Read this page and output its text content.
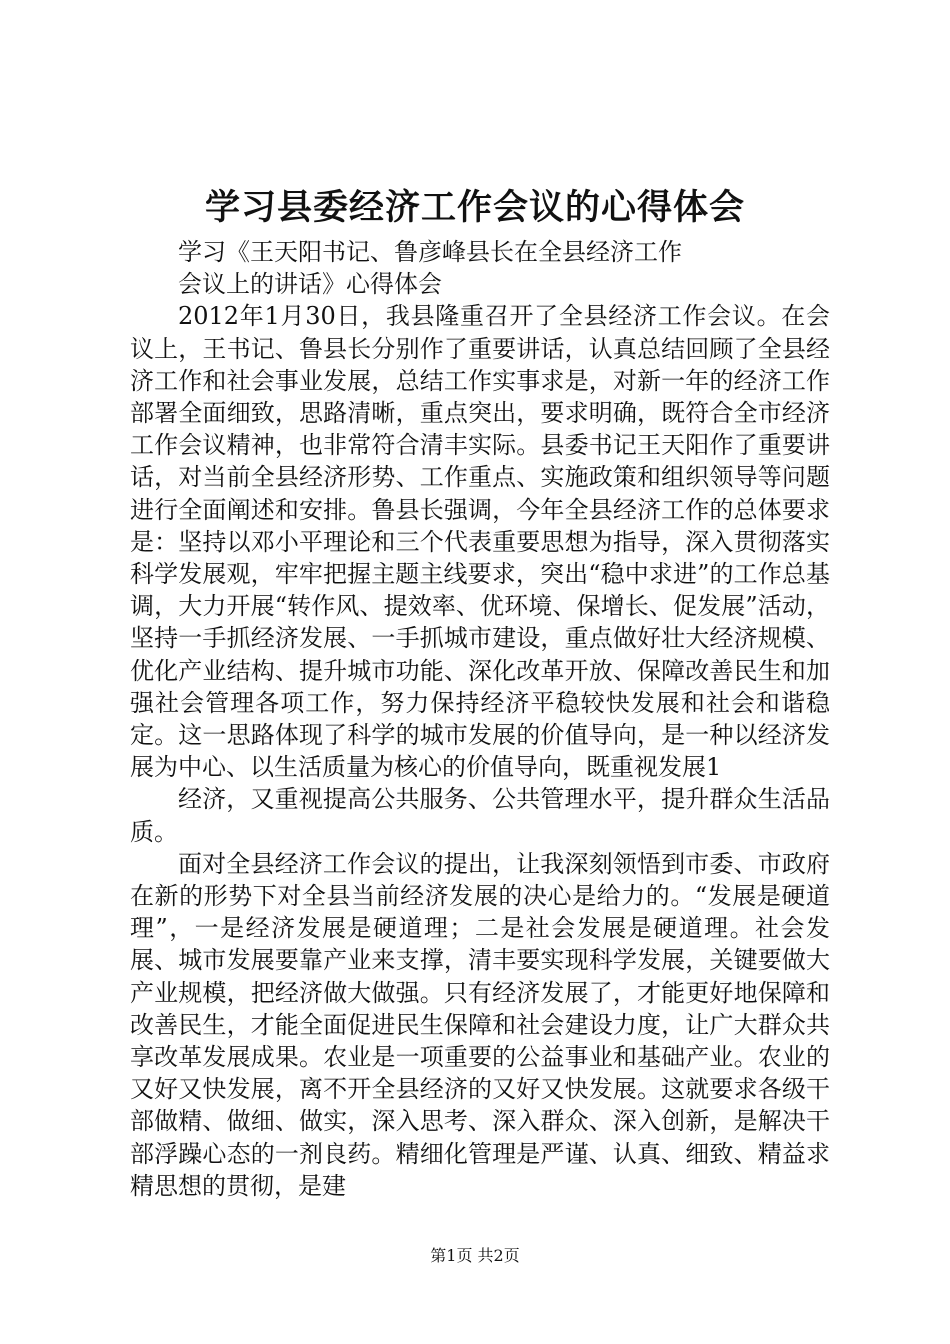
学习县委经济工作会议的心得体会

学习《王天阳书记、鲁彦峰县长在全县经济工作

会议上的讲话》心得体会

2012年1月30日，我县隆重召开了全县经济工作会议。在会议上，王书记、鲁县长分别作了重要讲话，认真总结回顾了全县经济工作和社会事业发展，总结工作实事求是，对新一年的经济工作部署全面细致，思路清晰，重点突出，要求明确，既符合全市经济工作会议精神，也非常符合清丰实际。县委书记王天阳作了重要讲话，对当前全县经济形势、工作重点、实施政策和组织领导等问题进行全面阐述和安排。鲁县长强调，今年全县经济工作的总体要求是：坚持以邓小平理论和三个代表重要思想为指导，深入贯彻落实科学发展观，牢牢把握主题主线要求，突出“稳中求进”的工作总基调，大力开展“转作风、提效率、优环境、保增长、促发展”活动，坚持一手抓经济发展、一手抓城市建设，重点做好壮大经济规模、优化产业结构、提升城市功能、深化改革开放、保障改善民生和加强社会管理各项工作，努力保持经济平稳较快发展和社会和谐稳定。这一思路体现了科学的城市发展的价值导向，是一种以经济发展为中心、以生活质量为核心的价值导向，既重视发展1

经济，又重视提高公共服务、公共管理水平，提升群众生活品质。

面对全县经济工作会议的提出，让我深刻领悟到市委、市政府在新的形势下对全县当前经济发展的决心是给力的。“发展是硬道理”，一是经济发展是硬道理；二是社会发展是硬道理。社会发展、城市发展要靠产业来支撑，清丰要实现科学发展，关键要做大产业规模，把经济做大做强。只有经济发展了，才能更好地保障和改善民生，才能全面促进民生保障和社会建设力度，让广大群众共享改革发展成果。农业是一项重要的公益事业和基础产业。农业的又好又快发展，离不开全县经济的又好又快发展。这就要求各级干部做精、做细、做实，深入思考、深入群众、深入创新，是解决干部浮躁心态的一剂良药。精细化管理是严谨、认真、细致、精益求精思想的贯彻，是建

第1页 共2页
